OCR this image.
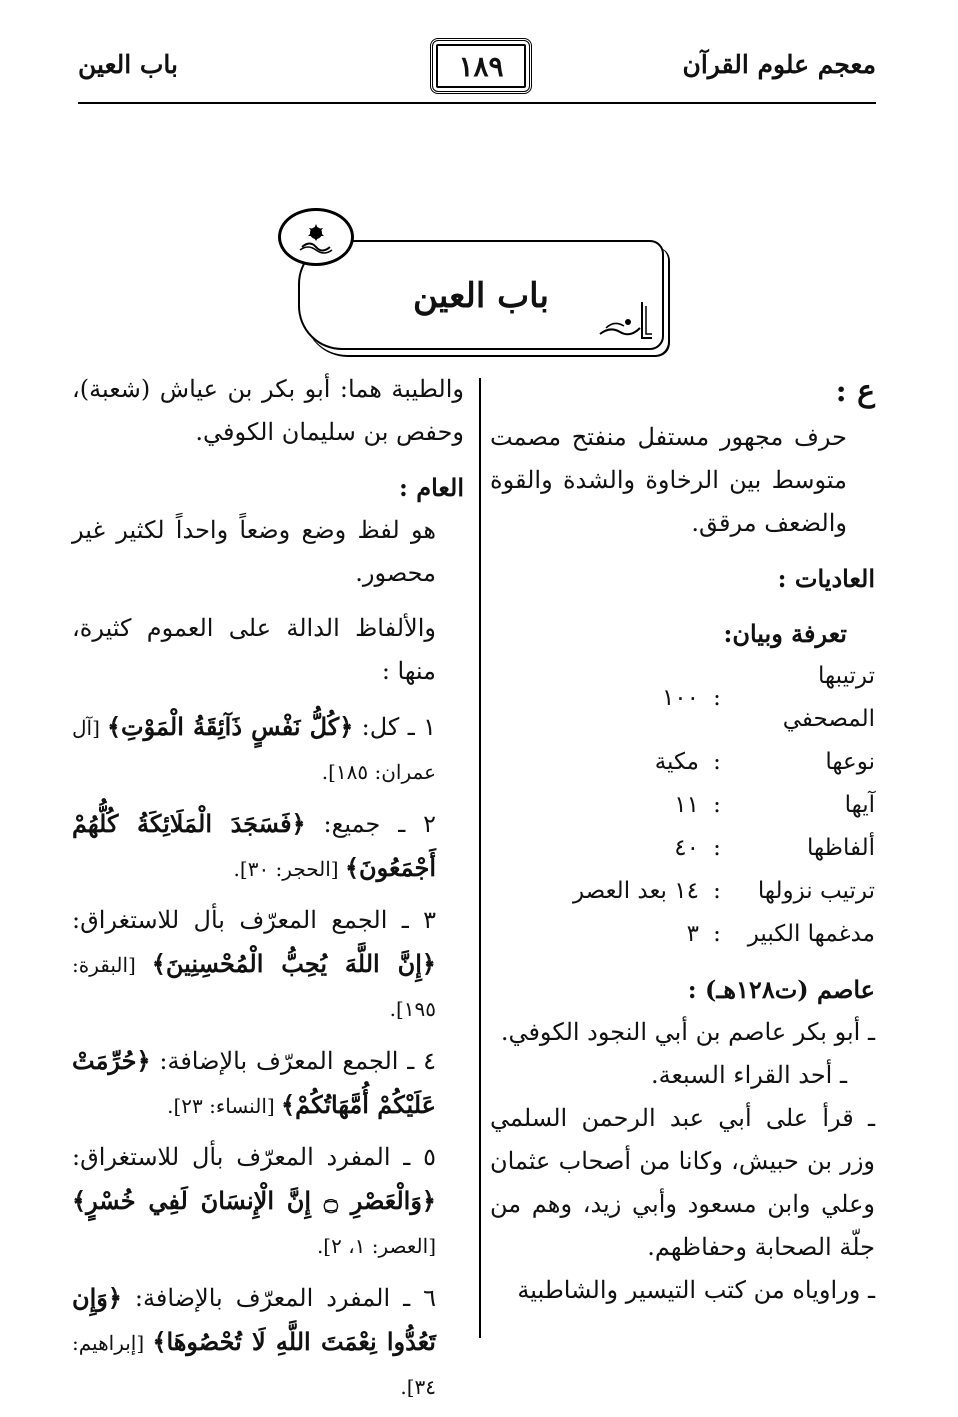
معجم علوم القرآن
١٨٩
باب العين
باب العين

ع :

حرف مجهور مستفل منفتح مصمت متوسط بين الرخاوة والشدة والقوة والضعف مرقق.

العاديات :

تعرفة وبيان:

ترتيبها المصحفي	:	١٠٠
نوعها	:	مكية
آيها	:	١١
ألفاظها	:	٤٠
ترتيب نزولها	:	١٤ بعد العصر
مدغمها الكبير	:	٣

عاصم (ت١٢٨هـ) :

ـ أبو بكر عاصم بن أبي النجود الكوفي.

ـ أحد القراء السبعة.

ـ قرأ على أبي عبد الرحمن السلمي وزر بن حبيش، وكانا من أصحاب عثمان وعلي وابن مسعود وأبي زيد، وهم من جلّة الصحابة وحفاظهم.

ـ وراوياه من كتب التيسير والشاطبية

والطيبة هما: أبو بكر بن عياش (شعبة)، وحفص بن سليمان الكوفي.

العام :

هو لفظ وضع وضعاً واحداً لكثير غير محصور.

والألفاظ الدالة على العموم كثيرة، منها :

١ ـ كل: ﴿كُلُّ نَفْسٍ ذَآئِقَةُ الْمَوْتِ﴾ [آل عمران: ١٨٥].

٢ ـ جميع: ﴿فَسَجَدَ الْمَلَائِكَةُ كُلُّهُمْ أَجْمَعُونَ﴾ [الحجر: ٣٠].

٣ ـ الجمع المعرّف بأل للاستغراق: ﴿إِنَّ اللَّهَ يُحِبُّ الْمُحْسِنِينَ﴾ [البقرة: ١٩٥].

٤ ـ الجمع المعرّف بالإضافة: ﴿حُرِّمَتْ عَلَيْكُمْ أُمَّهَاتُكُمْ﴾ [النساء: ٢٣].

٥ ـ المفرد المعرّف بأل للاستغراق: ﴿وَالْعَصْرِ ۝ إِنَّ الْإِنسَانَ لَفِي خُسْرٍ﴾ [العصر: ١، ٢].

٦ ـ المفرد المعرّف بالإضافة: ﴿وَإِن تَعُدُّوا نِعْمَتَ اللَّهِ لَا تُحْصُوهَا﴾ [إبراهيم: ٣٤].
